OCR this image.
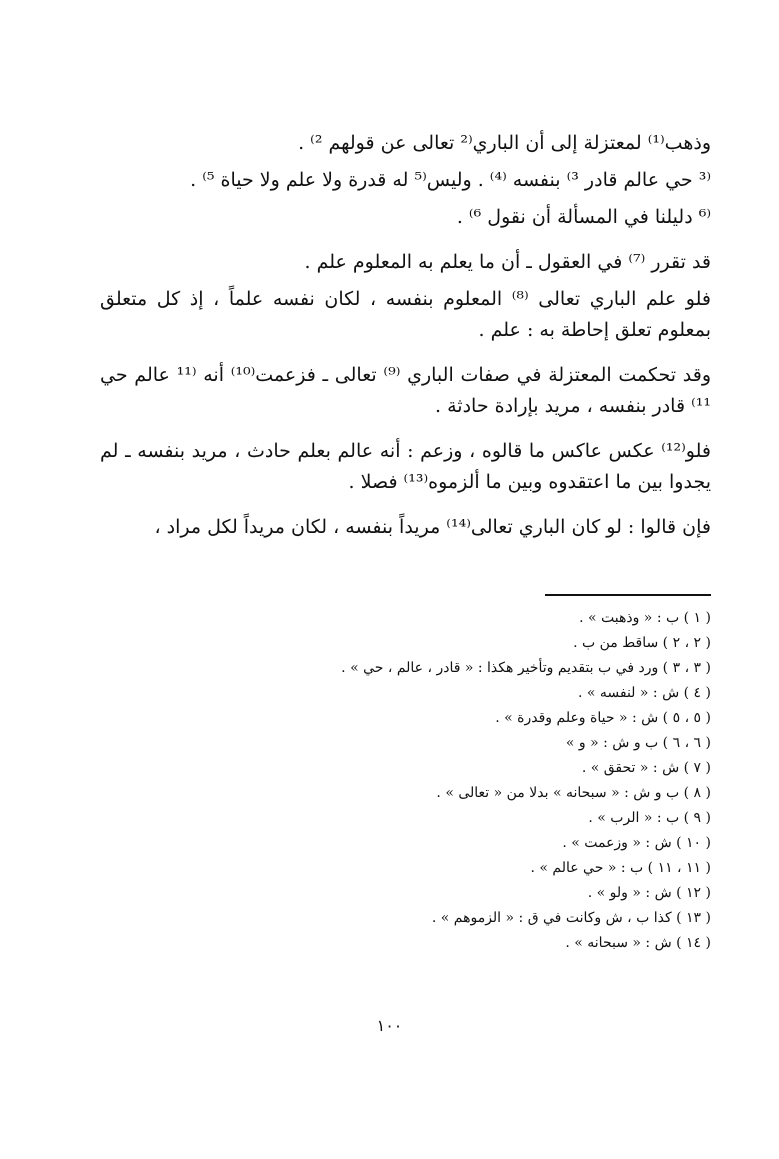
وذهب⁽¹⁾ لمعتزلة إلى أن الباري⁽² تعالى عن قولهم ²⁾ .

⁽³ حي عالم قادر ³⁾ بنفسه ⁽⁴⁾ . وليس⁽⁵ له قدرة ولا علم ولا حياة ⁵⁾ .

⁽⁶ دليلنا في المسألة أن نقول ⁶⁾ .

قد تقرر ⁽⁷⁾ في العقول ـ أن ما يعلم به المعلوم علم .

فلو علم الباري تعالى ⁽⁸⁾ المعلوم بنفسه ، لكان نفسه علماً ، إذ كل متعلق بمعلوم تعلق إحاطة به : علم .

وقد تحكمت المعتزلة في صفات الباري ⁽⁹⁾ تعالى ـ فزعمت⁽¹⁰⁾ أنه ⁽¹¹ عالم حي ¹¹⁾ قادر بنفسه ، مريد بإرادة حادثة .

فلو⁽¹²⁾ عكس عاكس ما قالوه ، وزعم : أنه عالم بعلم حادث ، مريد بنفسه ـ لم يجدوا بين ما اعتقدوه وبين ما ألزموه⁽¹³⁾ فصلا .

فإن قالوا : لو كان الباري تعالى⁽¹⁴⁾ مريداً بنفسه ، لكان مريداً لكل مراد ،

( ١ ) ب : « وذهبت » .
( ٢ ، ٢ ) ساقط من ب .
( ٣ ، ٣ ) ورد في ب بتقديم وتأخير هكذا : « قادر ، عالم ، حي » .
( ٤ ) ش : « لنفسه » .
( ٥ ، ٥ ) ش : « حياة وعلم وقدرة » .
( ٦ ، ٦ ) ب و ش : « و »
( ٧ ) ش : « تحقق » .
( ٨ ) ب و ش : « سبحانه » بدلا من « تعالى » .
( ٩ ) ب : « الرب » .
( ١٠ ) ش : « وزعمت » .
( ١١ ، ١١ ) ب : « حي عالم » .
( ١٢ ) ش : « ولو » .
( ١٣ ) كذا ب ، ش وكانت في ق : « الزموهم » .
( ١٤ ) ش : « سبحانه » .
١٠٠
